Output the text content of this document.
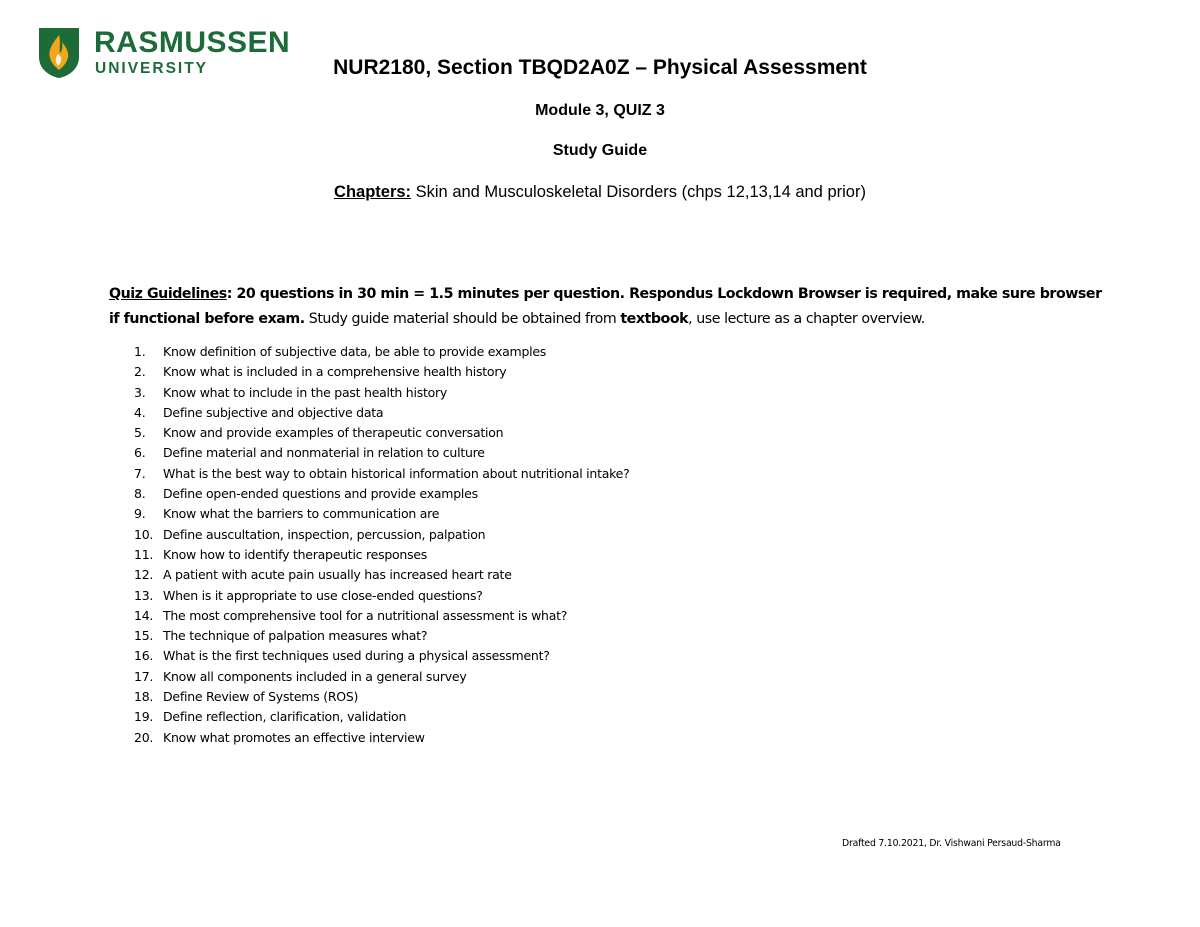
RASMUSSEN
UNIVERSITY	NUR2180, Section TBQD2A0Z – Physical Assessment
Module 3, QUIZ 3
Study Guide
Chapters: Skin and Musculoskeletal Disorders (chps 12,13,14 and prior)
Quiz Guidelines: 20 questions in 30 min = 1.5 minutes per question. Respondus Lockdown Browser is required, make sure browser if functional before exam. Study guide material should be obtained from textbook, use lecture as a chapter overview.
1. Know definition of subjective data, be able to provide examples
2. Know what is included in a comprehensive health history
3. Know what to include in the past health history
4. Define subjective and objective data
5. Know and provide examples of therapeutic conversation
6. Define material and nonmaterial in relation to culture
7. What is the best way to obtain historical information about nutritional intake?
8. Define open-ended questions and provide examples
9. Know what the barriers to communication are
10. Define auscultation, inspection, percussion, palpation
11. Know how to identify therapeutic responses
12. A patient with acute pain usually has increased heart rate
13. When is it appropriate to use close-ended questions?
14. The most comprehensive tool for a nutritional assessment is what?
15. The technique of palpation measures what?
16. What is the first techniques used during a physical assessment?
17. Know all components included in a general survey
18. Define Review of Systems (ROS)
19. Define reflection, clarification, validation
20. Know what promotes an effective interview
Drafted 7.10.2021, Dr. Vishwani Persaud-Sharma
